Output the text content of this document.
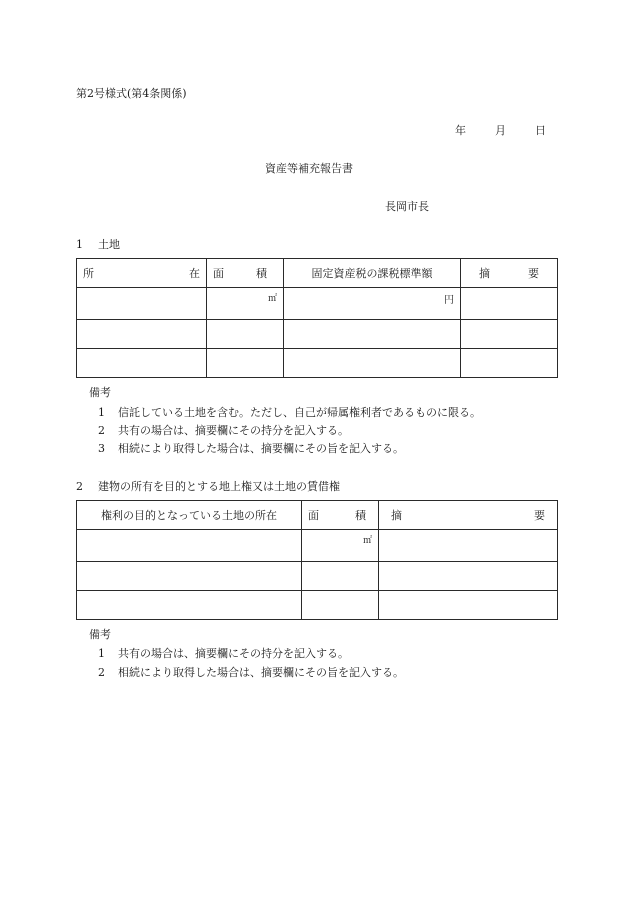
第2号様式(第4条関係)
年	月	日
資産等補充報告書
長岡市長
1 土地
所 在	面 積	固定資産税の課税標準額	摘 要

	㎡	円	

備考
1 信託している土地を含む。ただし、自己が帰属権利者であるものに限る。
2 共有の場合は、摘要欄にその持分を記入する。
3 相続により取得した場合は、摘要欄にその旨を記入する。
2 建物の所有を目的とする地上権又は土地の賃借権
権利の目的となっている土地の所在	面 積	摘 要

	㎡	

備考
1 共有の場合は、摘要欄にその持分を記入する。
2 相続により取得した場合は、摘要欄にその旨を記入する。
